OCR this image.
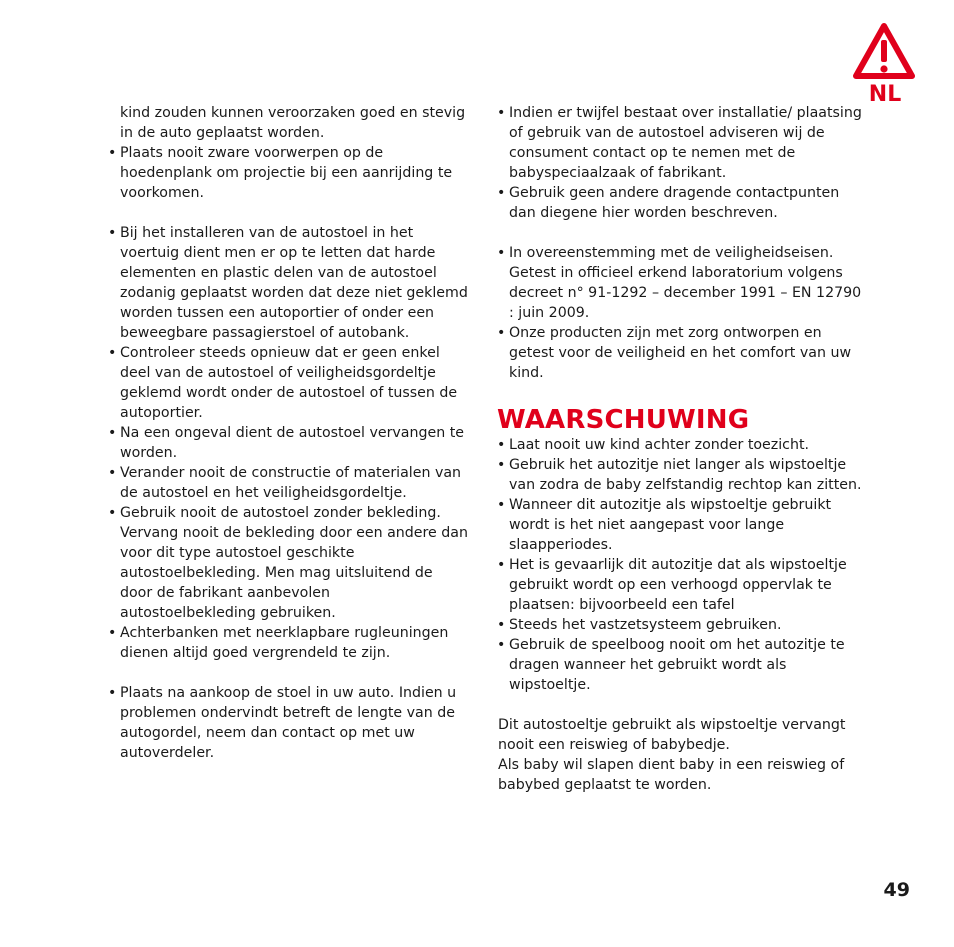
NL
kind zouden kunnen veroorzaken goed en stevig in de auto geplaatst worden.
• Plaats nooit zware voorwerpen op de hoedenplank om projectie bij een aanrijding te voorkomen.
• Bij het installeren van de autostoel in het voertuig dient men er op te letten dat harde elementen en plastic delen van de autostoel zodanig geplaatst worden dat deze niet geklemd worden tussen een autoportier of onder een beweegbare passagierstoel of autobank.
• Controleer steeds opnieuw dat er geen enkel deel van de autostoel of veiligheidsgordeltje geklemd wordt onder de autostoel of tussen de autoportier.
• Na een ongeval dient de autostoel vervangen te worden.
• Verander nooit de constructie of materialen van de autostoel en het veiligheidsgordeltje.
• Gebruik nooit de autostoel zonder bekleding. Vervang nooit de bekleding door een andere dan voor dit type autostoel geschikte autostoelbekleding. Men mag uitsluitend de door de fabrikant aanbevolen autostoelbekleding gebruiken.
• Achterbanken met neerklapbare rugleuningen dienen altijd goed vergrendeld te zijn.
• Plaats na aankoop de stoel in uw auto. Indien u problemen ondervindt betreft de lengte van de autogordel, neem dan contact op met uw autoverdeler.
• Indien er twijfel bestaat over installatie/ plaatsing of gebruik van de autostoel adviseren wij de consument contact op te nemen met de babyspeciaalzaak of fabrikant.
• Gebruik geen andere dragende contactpunten dan diegene hier worden beschreven.
• In overeenstemming met de veiligheidseisen. Getest in officieel erkend laboratorium volgens decreet n° 91-1292 – december 1991 – EN 12790 : juin 2009.
• Onze producten zijn met zorg ontworpen en getest voor de veiligheid en het comfort van uw kind.
WAARSCHUWING
• Laat nooit uw kind achter zonder toezicht.
• Gebruik het autozitje niet langer als wipstoeltje van zodra de baby zelfstandig rechtop kan zitten.
• Wanneer dit autozitje als wipstoeltje gebruikt wordt is het niet aangepast voor lange slaapperiodes.
• Het is gevaarlijk dit autozitje dat als wipstoeltje gebruikt wordt op een verhoogd oppervlak te plaatsen: bijvoorbeeld een tafel
• Steeds het vastzetsysteem gebruiken.
• Gebruik de speelboog nooit om het autozitje te dragen wanneer het gebruikt wordt als wipstoeltje.
Dit autostoeltje gebruikt als wipstoeltje vervangt nooit een reiswieg of babybedje.
Als baby wil slapen dient baby in een reiswieg of babybed geplaatst te worden.
49
